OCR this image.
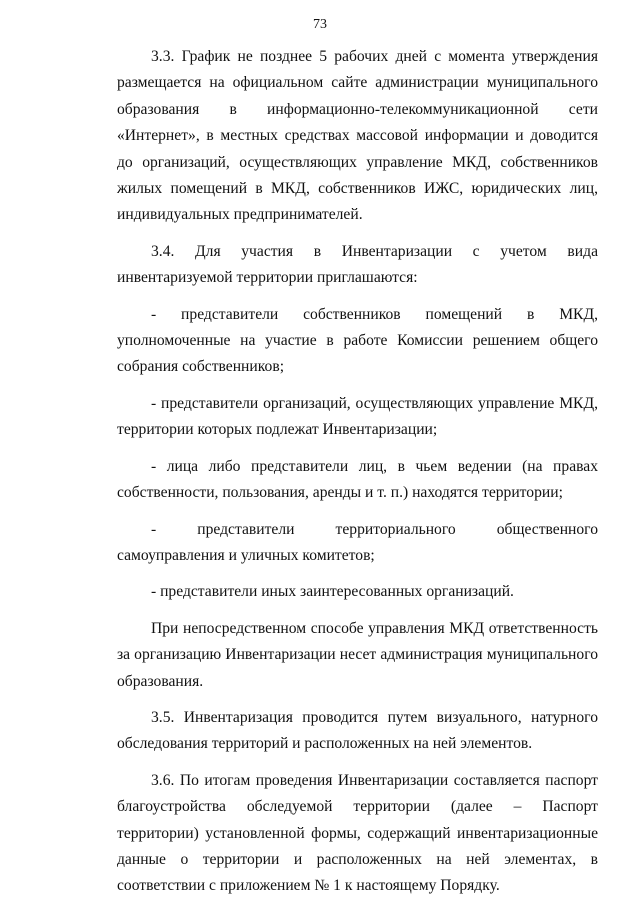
73

3.3. График не позднее 5 рабочих дней с момента утверждения размещается на официальном сайте администрации муниципального образования в информационно-телекоммуникационной сети «Интернет», в местных средствах массовой информации и доводится до организаций, осуществляющих управление МКД, собственников жилых помещений в МКД, собственников ИЖС, юридических лиц, индивидуальных предпринимателей.

3.4. Для участия в Инвентаризации с учетом вида инвентаризуемой территории приглашаются:

- представители собственников помещений в МКД, уполномоченные на участие в работе Комиссии решением общего собрания собственников;

- представители организаций, осуществляющих управление МКД, территории которых подлежат Инвентаризации;

- лица либо представители лиц, в чьем ведении (на правах собственности, пользования, аренды и т. п.) находятся территории;

- представители территориального общественного самоуправления и уличных комитетов;

- представители иных заинтересованных организаций.

При непосредственном способе управления МКД ответственность за организацию Инвентаризации несет администрация муниципального образования.

3.5. Инвентаризация проводится путем визуального, натурного обследования территорий и расположенных на ней элементов.

3.6. По итогам проведения Инвентаризации составляется паспорт благоустройства обследуемой территории (далее – Паспорт территории) установленной формы, содержащий инвентаризационные данные о территории и расположенных на ней элементах, в соответствии с приложением № 1 к настоящему Порядку.
